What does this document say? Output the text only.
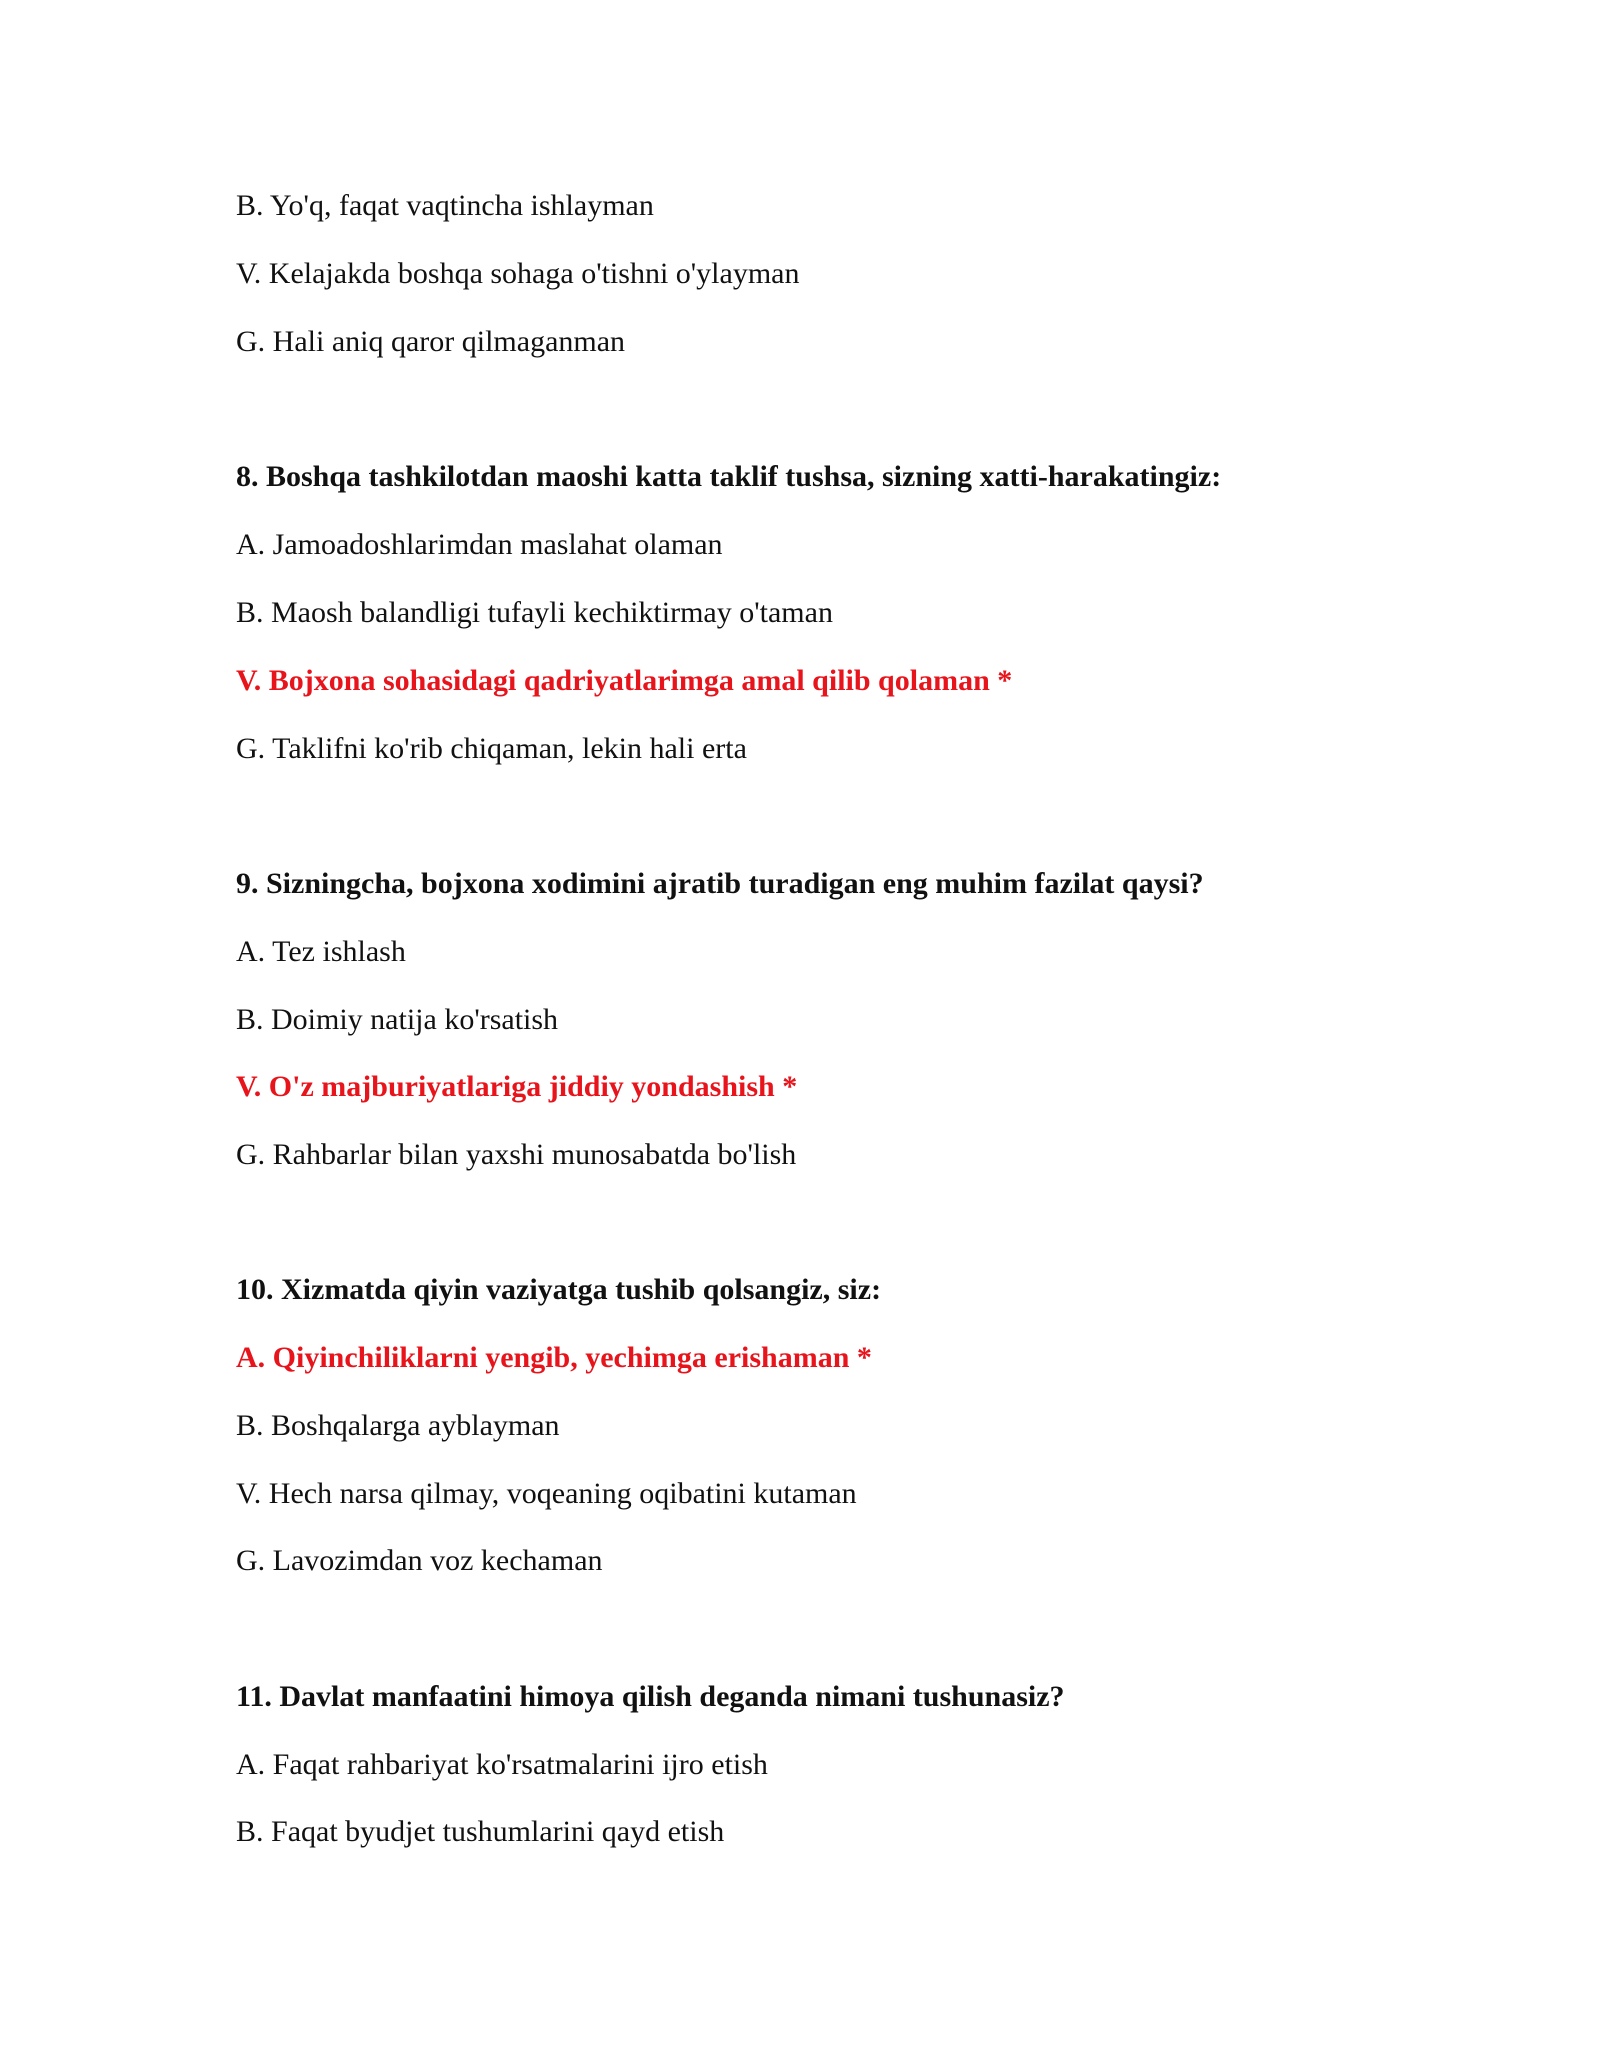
B. Yo'q, faqat vaqtincha ishlayman
V. Kelajakda boshqa sohaga o'tishni o'ylayman
G. Hali aniq qaror qilmaganman
8. Boshqa tashkilotdan maoshi katta taklif tushsa, sizning xatti-harakatingiz:
A. Jamoadoshlarimdan maslahat olaman
B. Maosh balandligi tufayli kechiktirmay o'taman
V. Bojxona sohasidagi qadriyatlarimga amal qilib qolaman *
G. Taklifni ko'rib chiqaman, lekin hali erta
9. Sizningcha, bojxona xodimini ajratib turadigan eng muhim fazilat qaysi?
A. Tez ishlash
B. Doimiy natija ko'rsatish
V. O'z majburiyatlariga jiddiy yondashish *
G. Rahbarlar bilan yaxshi munosabatda bo'lish
10. Xizmatda qiyin vaziyatga tushib qolsangiz, siz:
A. Qiyinchiliklarni yengib, yechimga erishaman *
B. Boshqalarga ayblayman
V. Hech narsa qilmay, voqeaning oqibatini kutaman
G. Lavozimdan voz kechaman
11. Davlat manfaatini himoya qilish deganda nimani tushunasiz?
A. Faqat rahbariyat ko'rsatmalarini ijro etish
B. Faqat byudjet tushumlarini qayd etish
